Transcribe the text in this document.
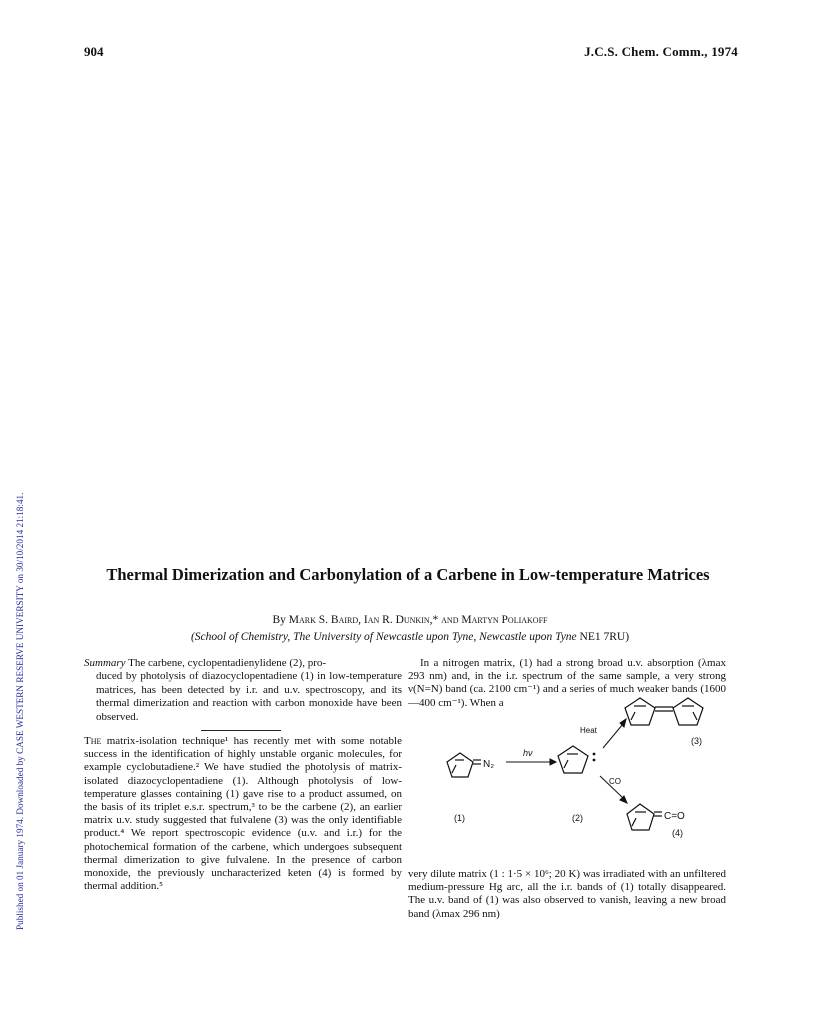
Published on 01 January 1974. Downloaded by CASE WESTERN RESERVE UNIVERSITY on 30/10/2014 21:18:41.
904	J.C.S. Chem. Comm., 1974
Thermal Dimerization and Carbonylation of a Carbene in Low-temperature Matrices
By Mark S. Baird, Ian R. Dunkin,* and Martyn Poliakoff
(School of Chemistry, The University of Newcastle upon Tyne, Newcastle upon Tyne NE1 7RU)
Summary The carbene, cyclopentadienylidene (2), pro-
duced by photolysis of diazocyclopentadiene (1) in low-temperature matrices, has been detected by i.r. and u.v. spectroscopy, and its thermal dimerization and reaction with carbon monoxide have been observed.
The matrix-isolation technique¹ has recently met with some notable success in the identification of highly unstable organic molecules, for example cyclobutadiene.² We have studied the photolysis of matrix-isolated diazocyclopentadiene (1). Although photolysis of low-temperature glasses containing (1) gave rise to a product assumed, on the basis of its triplet e.s.r. spectrum,³ to be the carbene (2), an earlier matrix u.v. study suggested that fulvalene (3) was the only identifiable product.⁴ We report spectroscopic evidence (u.v. and i.r.) for the photochemical formation of the carbene, which undergoes subsequent thermal dimerization to give fulvalene. In the presence of carbon monoxide, the previously uncharacterized keten (4) is formed by thermal addition.⁵
In a nitrogen matrix, (1) had a strong broad u.v. absorption (λmax 293 nm) and, in the i.r. spectrum of the same sample, a very strong ν(N=N) band (ca. 2100 cm⁻¹) and a series of much weaker bands (1600—400 cm⁻¹). When a
N₂
(1)
hν
(2)
Heat
CO
(3)
C=O
(4)
very dilute matrix (1 : 1·5 × 10⁶; 20 K) was irradiated with an unfiltered medium-pressure Hg arc, all the i.r. bands of (1) totally disappeared. The u.v. band of (1) was also observed to vanish, leaving a new broad band (λmax 296 nm)
